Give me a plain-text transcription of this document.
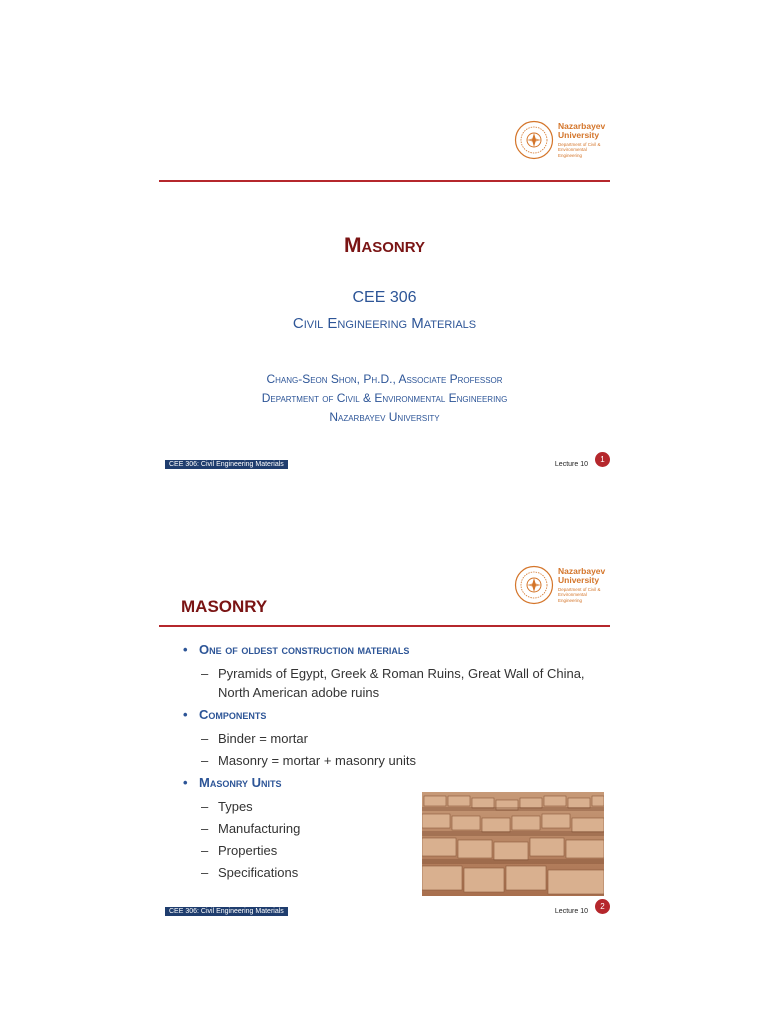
Nazarbayev
University
Department of Civil &
Environmental Engineering
Masonry
CEE 306
Civil Engineering Materials
Chang-Seon Shon, Ph.D., Associate Professor
Department of Civil & Environmental Engineering
Nazarbayev University
CEE 306: Civil Engineering Materials	Lecture 10
1
Nazarbayev
University
Department of Civil &
Environmental Engineering
MASONRY
• One of oldest construction materials
– Pyramids of Egypt, Greek & Roman Ruins, Great Wall of China, North American adobe ruins
• Components
– Binder = mortar
– Masonry = mortar + masonry units
• Masonry Units
– Types
– Manufacturing
– Properties
– Specifications
CEE 306: Civil Engineering Materials	Lecture 10
2
